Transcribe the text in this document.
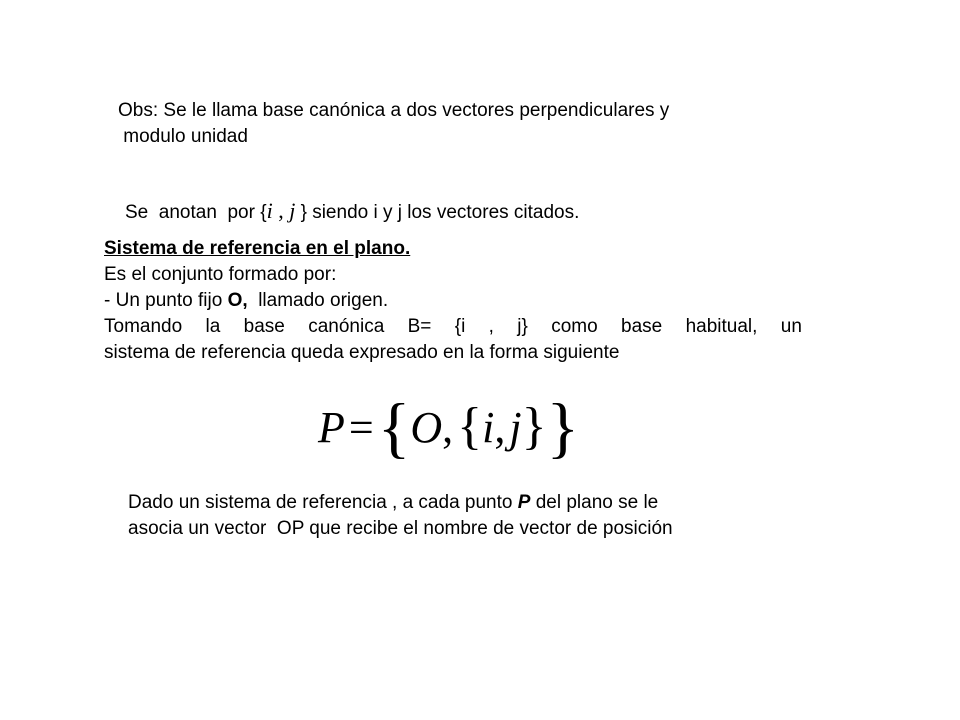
Obs: Se le llama base canónica a dos vectores perpendiculares y
modulo unidad
Se  anotan  por {i , j } siendo i y j los vectores citados.
Sistema de referencia en el plano.
Es el conjunto formado por:
- Un punto fijo O,  llamado origen.
Tomando la base canónica B= {i , j} como base habitual, un
sistema de referencia queda expresado en la forma siguiente
P = { O , { i , j } }
Dado un sistema de referencia , a cada punto P del plano se le
asocia un vector  OP que recibe el nombre de vector de posición
